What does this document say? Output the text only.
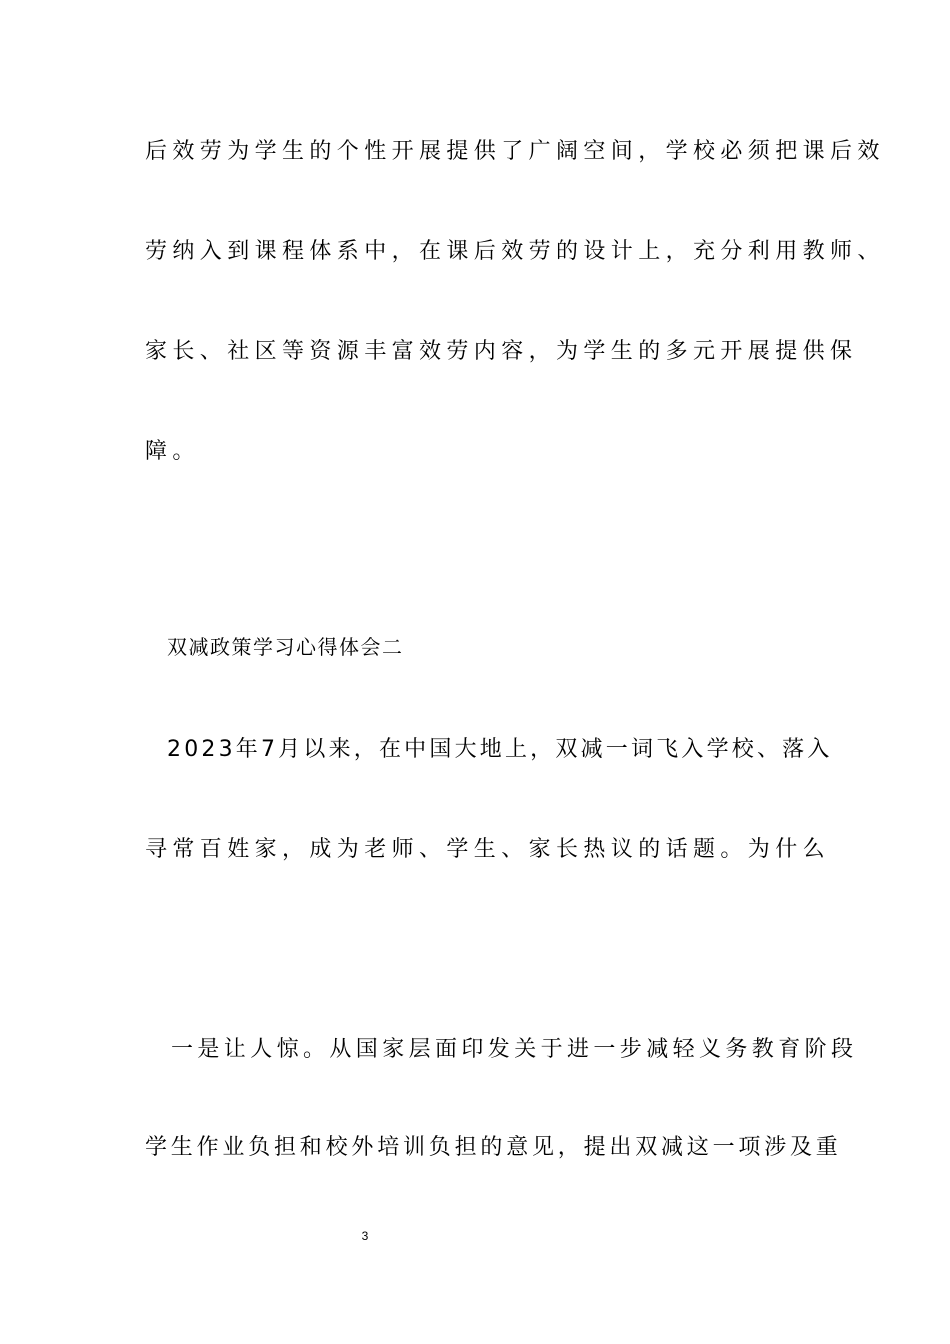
后效劳为学生的个性开展提供了广阔空间，学校必须把课后效
劳纳入到课程体系中，在课后效劳的设计上，充分利用教师、
家长、社区等资源丰富效劳内容，为学生的多元开展提供保
障。
双减政策学习心得体会二
2023年7月以来，在中国大地上，双减一词飞入学校、落入
寻常百姓家，成为老师、学生、家长热议的话题。为什么
一是让人惊。从国家层面印发关于进一步减轻义务教育阶段
学生作业负担和校外培训负担的意见，提出双减这一项涉及重
3
